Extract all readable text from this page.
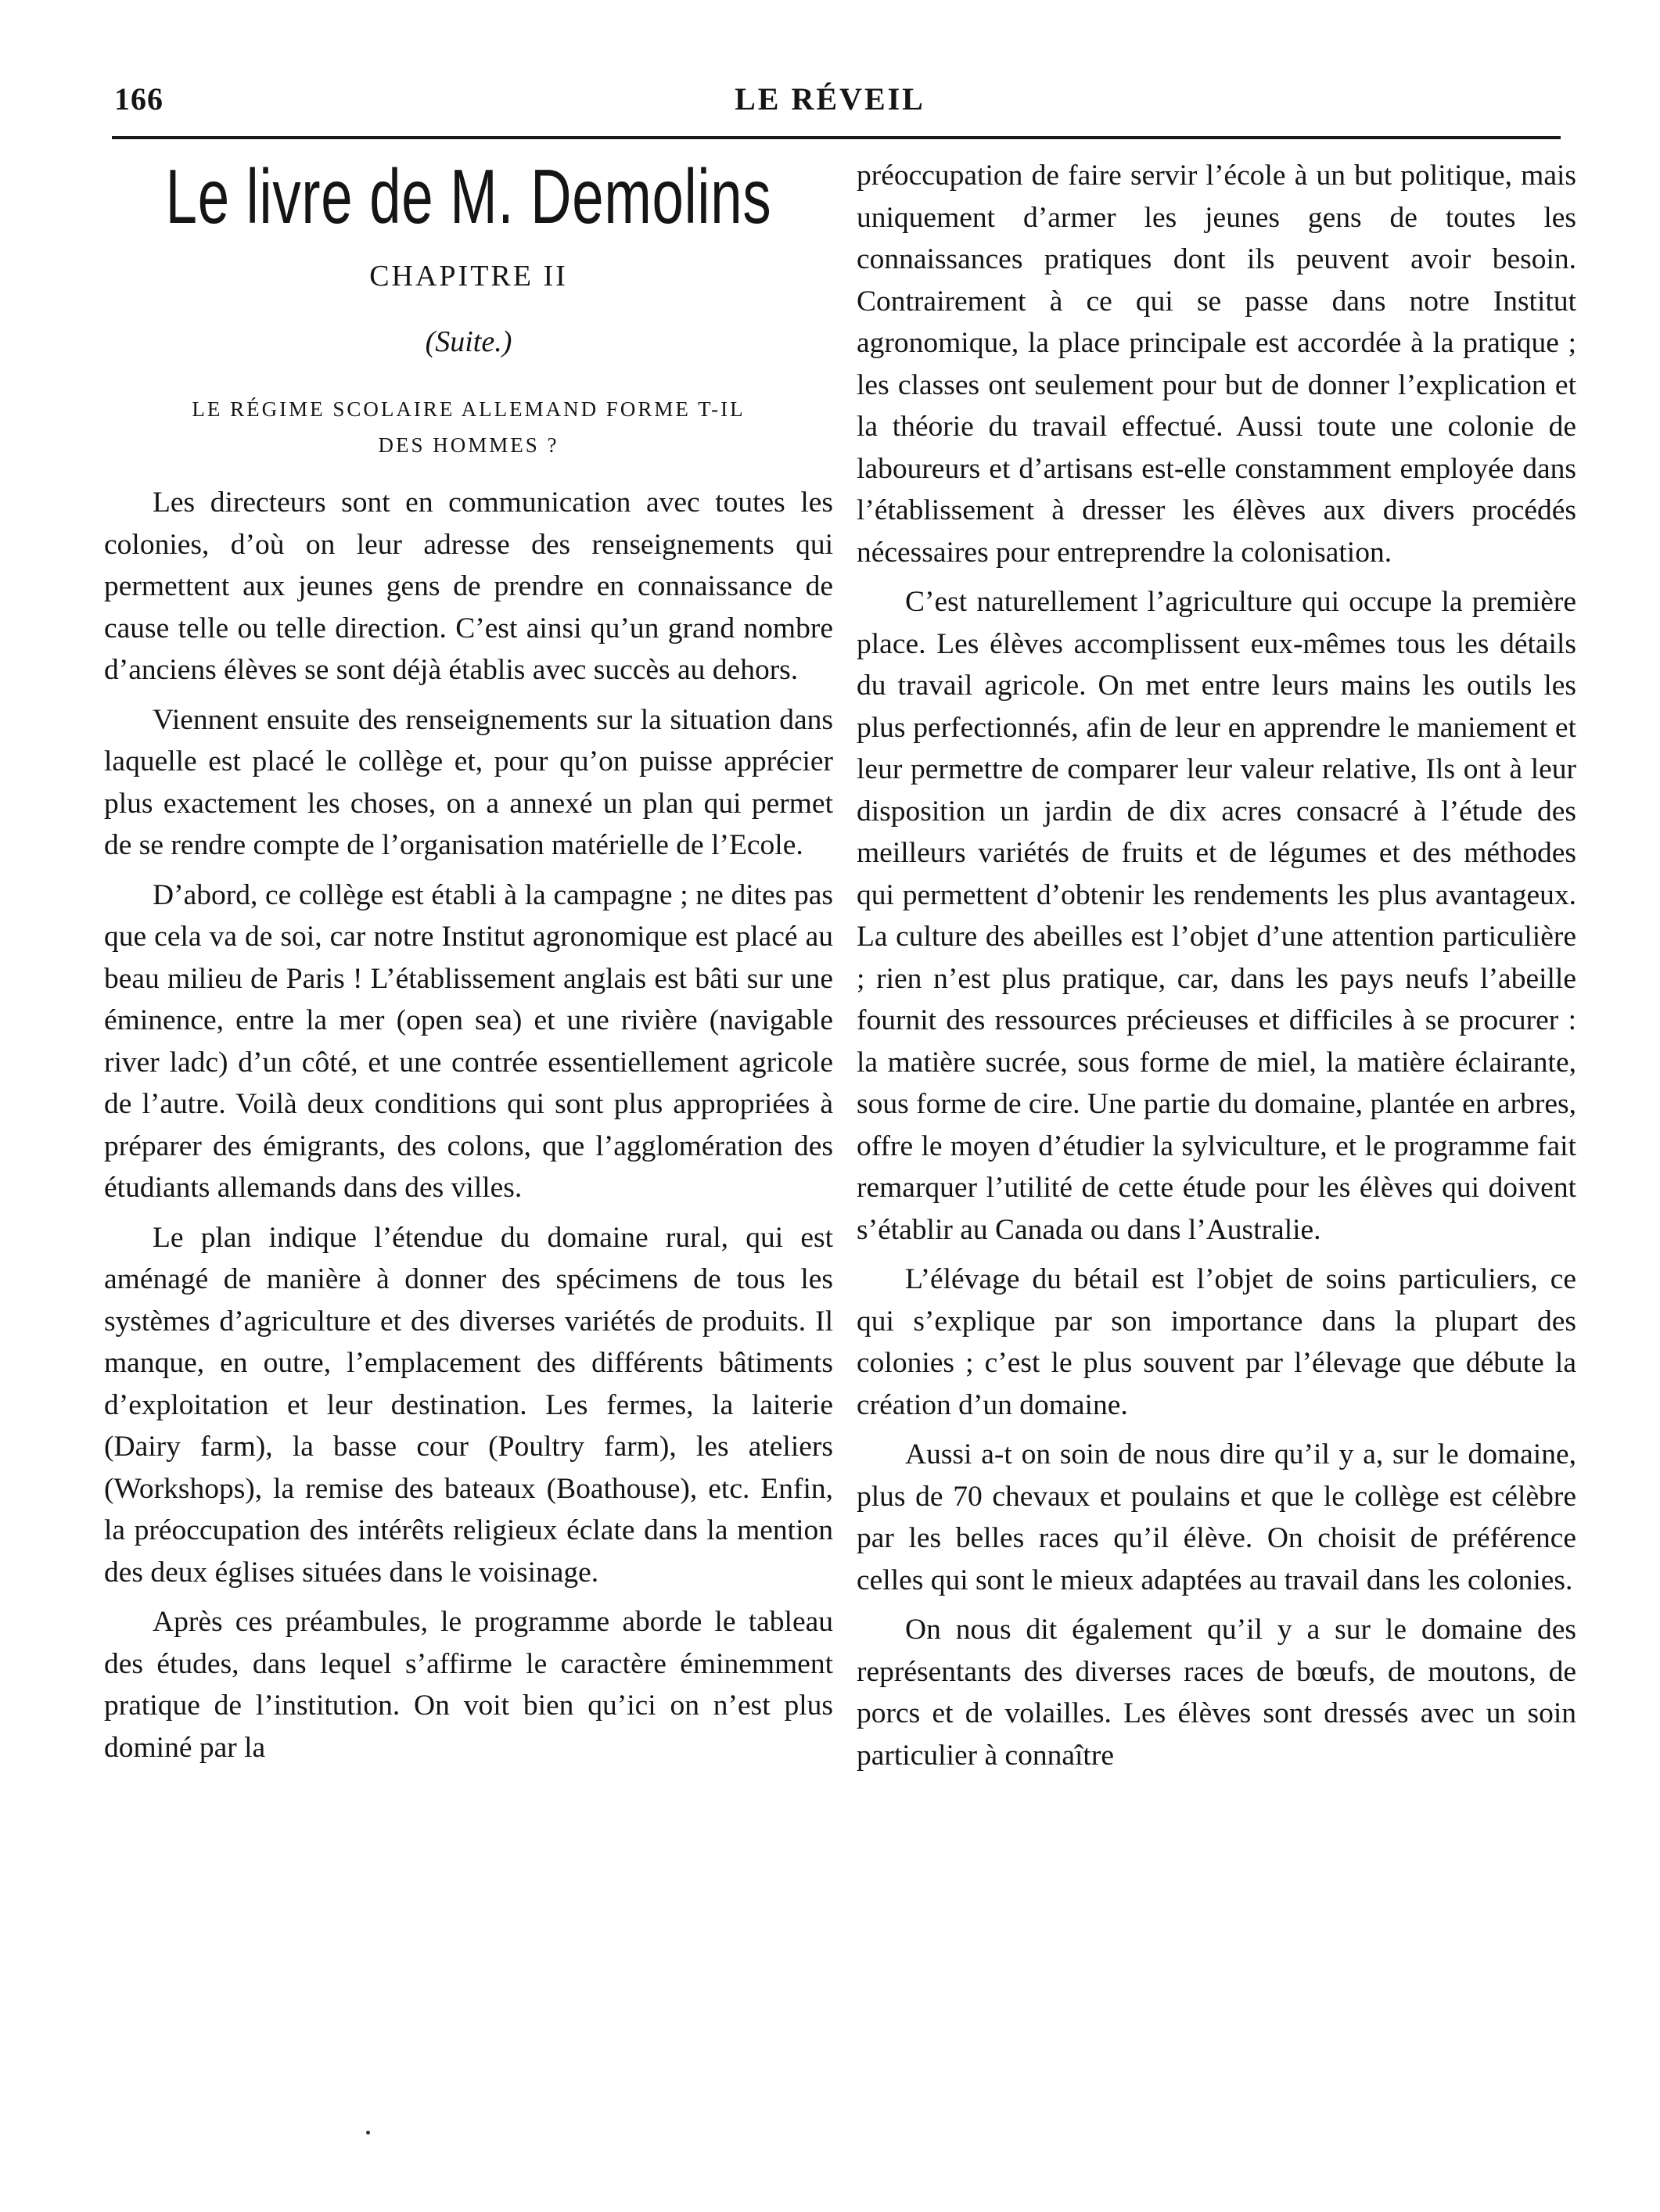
166	LE RÉVEIL
Le livre de M. Demolins
CHAPITRE II
(Suite.)
LE RÉGIME SCOLAIRE ALLEMAND FORME T-IL
DES HOMMES ?

Les directeurs sont en communication avec toutes les colonies, d’où on leur adresse des renseignements qui permettent aux jeunes gens de prendre en connaissance de cause telle ou telle direction. C’est ainsi qu’un grand nombre d’anciens élèves se sont déjà établis avec succès au dehors.

Viennent ensuite des renseignements sur la situation dans laquelle est placé le collège et, pour qu’on puisse apprécier plus exactement les choses, on a annexé un plan qui permet de se rendre compte de l’organisation matérielle de l’Ecole.

D’abord, ce collège est établi à la campagne ; ne dites pas que cela va de soi, car notre Institut agronomique est placé au beau milieu de Paris ! L’établissement anglais est bâti sur une éminence, entre la mer (open sea) et une rivière (navigable river ladc) d’un côté, et une contrée essentiellement agricole de l’autre. Voilà deux conditions qui sont plus appropriées à préparer des émigrants, des colons, que l’agglomération des étudiants allemands dans des villes.

Le plan indique l’étendue du domaine rural, qui est aménagé de manière à donner des spécimens de tous les systèmes d’agriculture et des diverses variétés de produits. Il manque, en outre, l’emplacement des différents bâtiments d’exploitation et leur destination. Les fermes, la laiterie (Dairy farm), la basse cour (Poultry farm), les ateliers (Workshops), la remise des bateaux (Boathouse), etc. Enfin, la préoccupation des intérêts religieux éclate dans la mention des deux églises situées dans le voisinage.

Après ces préambules, le programme aborde le tableau des études, dans lequel s’affirme le caractère éminemment pratique de l’institution. On voit bien qu’ici on n’est plus dominé par la

préoccupation de faire servir l’école à un but politique, mais uniquement d’armer les jeunes gens de toutes les connaissances pratiques dont ils peuvent avoir besoin. Contrairement à ce qui se passe dans notre Institut agronomique, la place principale est accordée à la pratique ; les classes ont seulement pour but de donner l’explication et la théorie du travail effectué. Aussi toute une colonie de laboureurs et d’artisans est-elle constamment employée dans l’établissement à dresser les élèves aux divers procédés nécessaires pour entreprendre la colonisation.

C’est naturellement l’agriculture qui occupe la première place. Les élèves accomplissent eux-mêmes tous les détails du travail agricole. On met entre leurs mains les outils les plus perfectionnés, afin de leur en apprendre le maniement et leur permettre de comparer leur valeur relative, Ils ont à leur disposition un jardin de dix acres consacré à l’étude des meilleurs variétés de fruits et de légumes et des méthodes qui permettent d’obtenir les rendements les plus avantageux. La culture des abeilles est l’objet d’une attention particulière ; rien n’est plus pratique, car, dans les pays neufs l’abeille fournit des ressources précieuses et difficiles à se procurer : la matière sucrée, sous forme de miel, la matière éclairante, sous forme de cire. Une partie du domaine, plantée en arbres, offre le moyen d’étudier la sylviculture, et le programme fait remarquer l’utilité de cette étude pour les élèves qui doivent s’établir au Canada ou dans l’Australie.

L’élévage du bétail est l’objet de soins particuliers, ce qui s’explique par son importance dans la plupart des colonies ; c’est le plus souvent par l’élevage que débute la création d’un domaine.

Aussi a-t on soin de nous dire qu’il y a, sur le domaine, plus de 70 chevaux et poulains et que le collège est célèbre par les belles races qu’il élève. On choisit de préférence celles qui sont le mieux adaptées au travail dans les colonies.

On nous dit également qu’il y a sur le domaine des représentants des diverses races de bœufs, de moutons, de porcs et de volailles. Les élèves sont dressés avec un soin particulier à connaître
